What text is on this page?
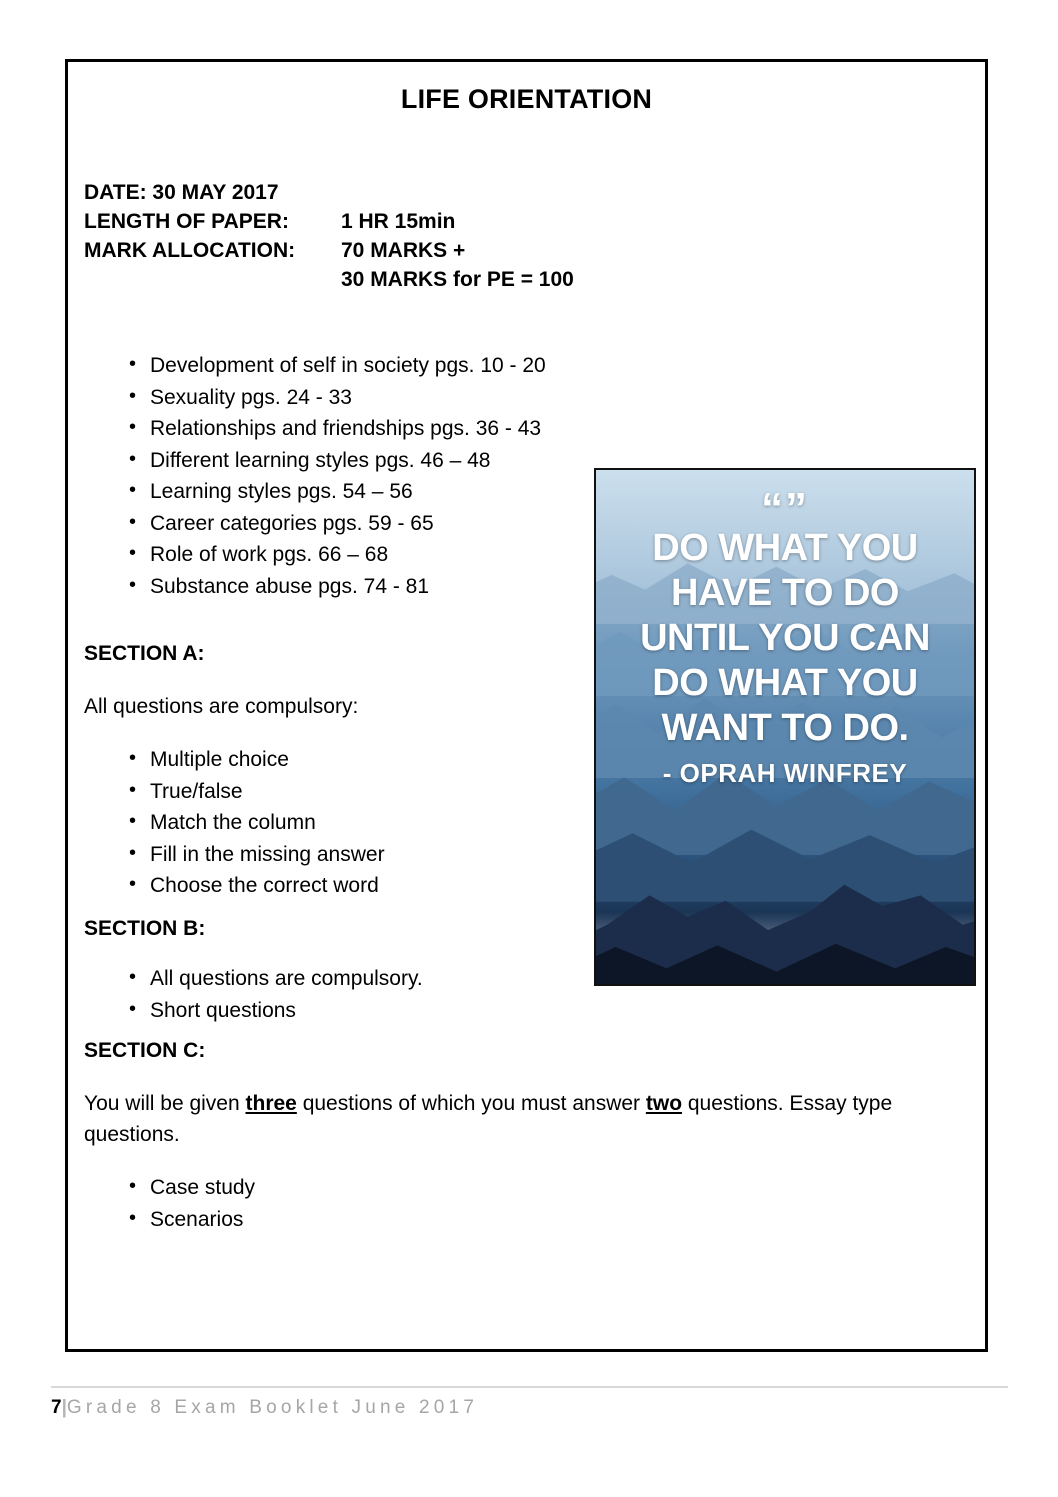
LIFE ORIENTATION
DATE: 30 MAY 2017
LENGTH OF PAPER:	1 HR 15min
MARK ALLOCATION:	70 MARKS +
30 MARKS for PE = 100
• Development of self in society pgs. 10 - 20
• Sexuality pgs. 24 - 33
• Relationships and friendships pgs. 36 - 43
• Different learning styles pgs. 46 – 48
• Learning styles pgs. 54 – 56
• Career categories pgs. 59 - 65
• Role of work pgs. 66 – 68
• Substance abuse pgs. 74 - 81
SECTION A:
All questions are compulsory:
• Multiple choice
• True/false
• Match the column
• Fill in the missing answer
• Choose the correct word
SECTION B:
• All questions are compulsory.
• Short questions
SECTION C:
You will be given three questions of which you must answer two questions. Essay type questions.
• Case study
• Scenarios
“”
DO WHAT YOU
HAVE TO DO
UNTIL YOU CAN
DO WHAT YOU
WANT TO DO.
- OPRAH WINFREY
7|Grade 8 Exam Booklet June 2017
